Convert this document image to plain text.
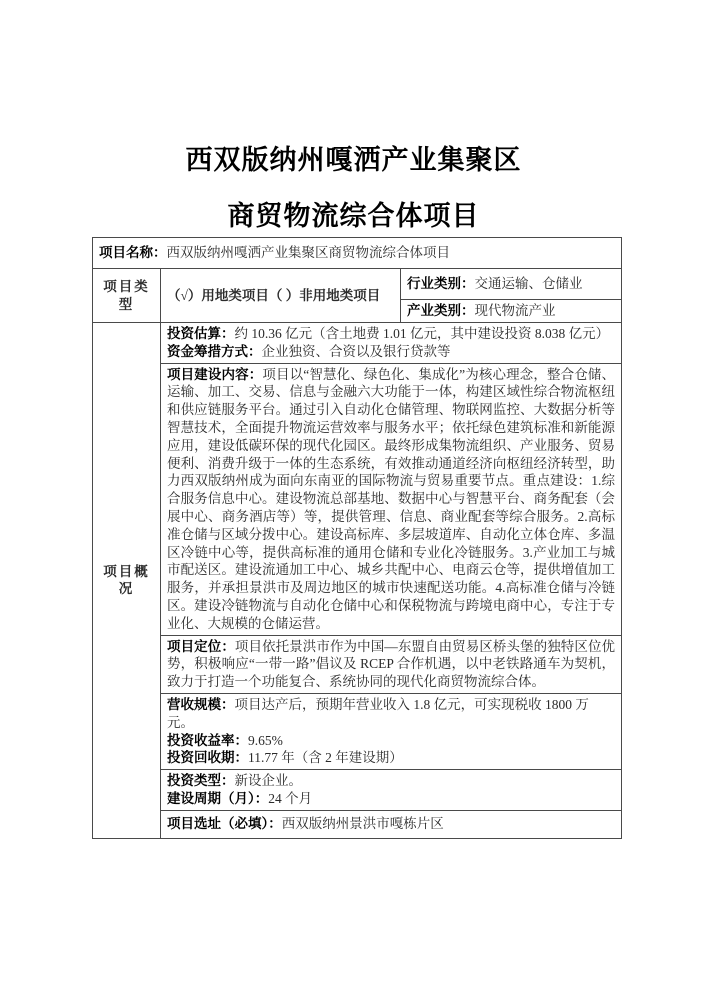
西双版纳州嘎洒产业集聚区
商贸物流综合体项目
项目名称：西双版纳州嘎洒产业集聚区商贸物流综合体项目		
项目类型	（√）用地类项目（ ）非用地类项目	行业类别：交通运输、仓储业
		产业类别：现代物流产业
项目概况	投资估算：约 10.36 亿元（含土地费 1.01 亿元，其中建设投资 8.038 亿元）
资金筹措方式：企业独资、合资以及银行贷款等	

	项目建设内容：项目以“智慧化、绿色化、集成化”为核心理念，整合仓储、运输、加工、交易、信息与金融六大功能于一体，构建区域性综合物流枢纽和供应链服务平台。通过引入自动化仓储管理、物联网监控、大数据分析等智慧技术，全面提升物流运营效率与服务水平；依托绿色建筑标准和新能源应用，建设低碳环保的现代化园区。最终形成集物流组织、产业服务、贸易便利、消费升级于一体的生态系统，有效推动通道经济向枢纽经济转型，助力西双版纳州成为面向东南亚的国际物流与贸易重要节点。重点建设：1.综合服务信息中心。建设物流总部基地、数据中心与智慧平台、商务配套（会展中心、商务酒店等）等，提供管理、信息、商业配套等综合服务。2.高标准仓储与区域分拨中心。建设高标库、多层坡道库、自动化立体仓库、多温区冷链中心等，提供高标准的通用仓储和专业化冷链服务。3.产业加工与城市配送区。建设流通加工中心、城乡共配中心、电商云仓等，提供增值加工服务，并承担景洪市及周边地区的城市快速配送功能。4.高标准仓储与冷链区。建设冷链物流与自动化仓储中心和保税物流与跨境电商中心，专注于专业化、大规模的仓储运营。	
	项目定位：项目依托景洪市作为中国—东盟自由贸易区桥头堡的独特区位优势，积极响应“一带一路”倡议及 RCEP 合作机遇，以中老铁路通车为契机，致力于打造一个功能复合、系统协同的现代化商贸物流综合体。	

	营收规模：项目达产后，预期年营业收入 1.8 亿元，可实现税收 1800 万元。
投资收益率：9.65%
投资回收期：11.77 年（含 2 年建设期）	

	投资类型：新设企业。
建设周期（月）：24 个月	

	项目选址（必填）：西双版纳州景洪市嘎栋片区	
